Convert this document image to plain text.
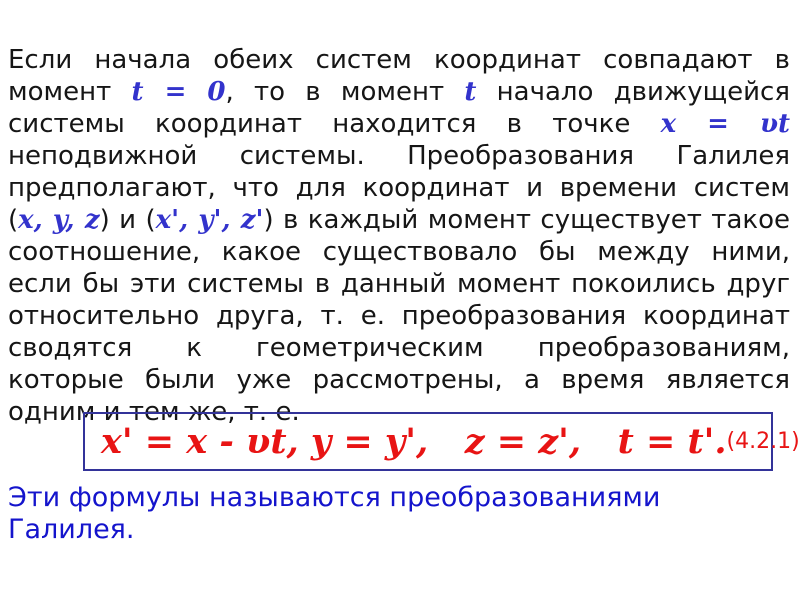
Если начала обеих систем координат совпадают в
момент t = 0, то в момент t начало движущейся
системы координат находится в точке x = υt
неподвижной системы. Преобразования Галилея
предполагают, что для координат и времени систем
(x, y, z) и (x', y', z') в каждый момент существует такое
соотношение, какое существовало бы между ними,
если бы эти системы в данный момент покоились друг
относительно друга, т. е. преобразования координат
сводятся к геометрическим преобразованиям,
которые были уже рассмотрены, а время является
одним и тем же, т. е.
x' = x - υt, y = y',   z = z',   t = t'. (4.2.1)
Эти формулы называются преобразованиями Галилея.
